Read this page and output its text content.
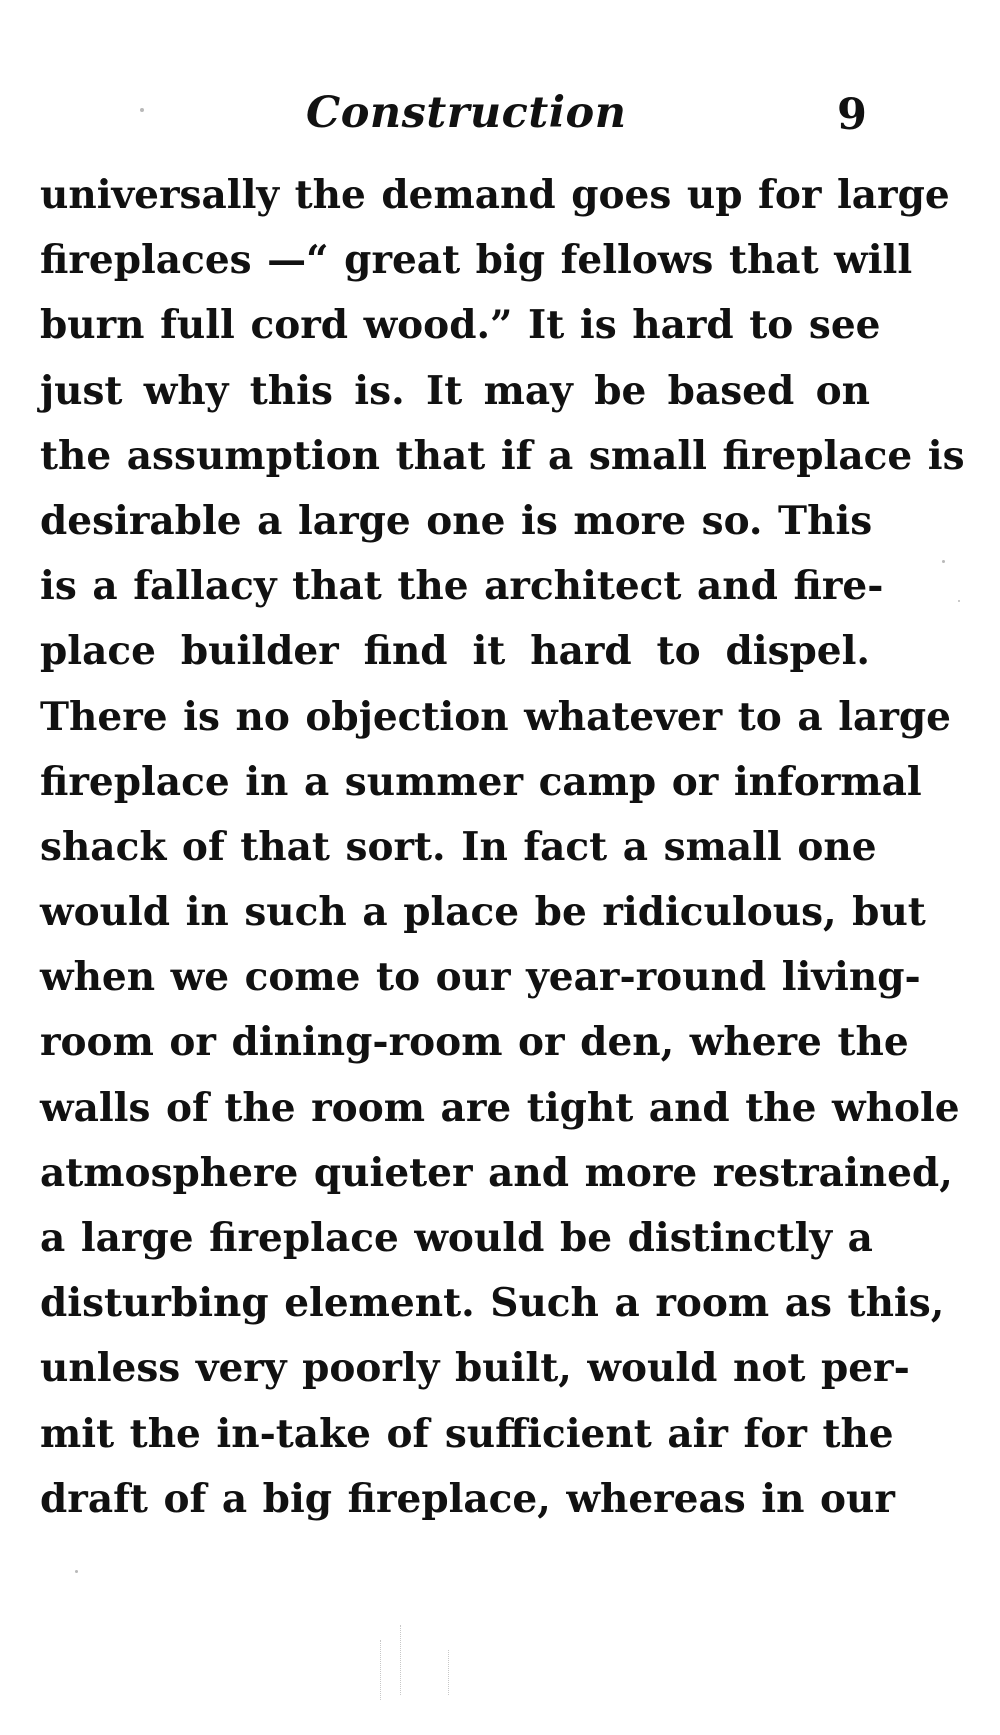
Construction	9
universally the demand goes up for large
fireplaces —“ great big fellows that will
burn full cord wood.” It is hard to see
just why this is. It may be based on
the assumption that if a small fireplace is
desirable a large one is more so. This
is a fallacy that the architect and fire-
place builder find it hard to dispel.
There is no objection whatever to a large
fireplace in a summer camp or informal
shack of that sort. In fact a small one
would in such a place be ridiculous, but
when we come to our year-round living-
room or dining-room or den, where the
walls of the room are tight and the whole
atmosphere quieter and more restrained,
a large fireplace would be distinctly a
disturbing element. Such a room as this,
unless very poorly built, would not per-
mit the in-take of sufficient air for the
draft of a big fireplace, whereas in our
